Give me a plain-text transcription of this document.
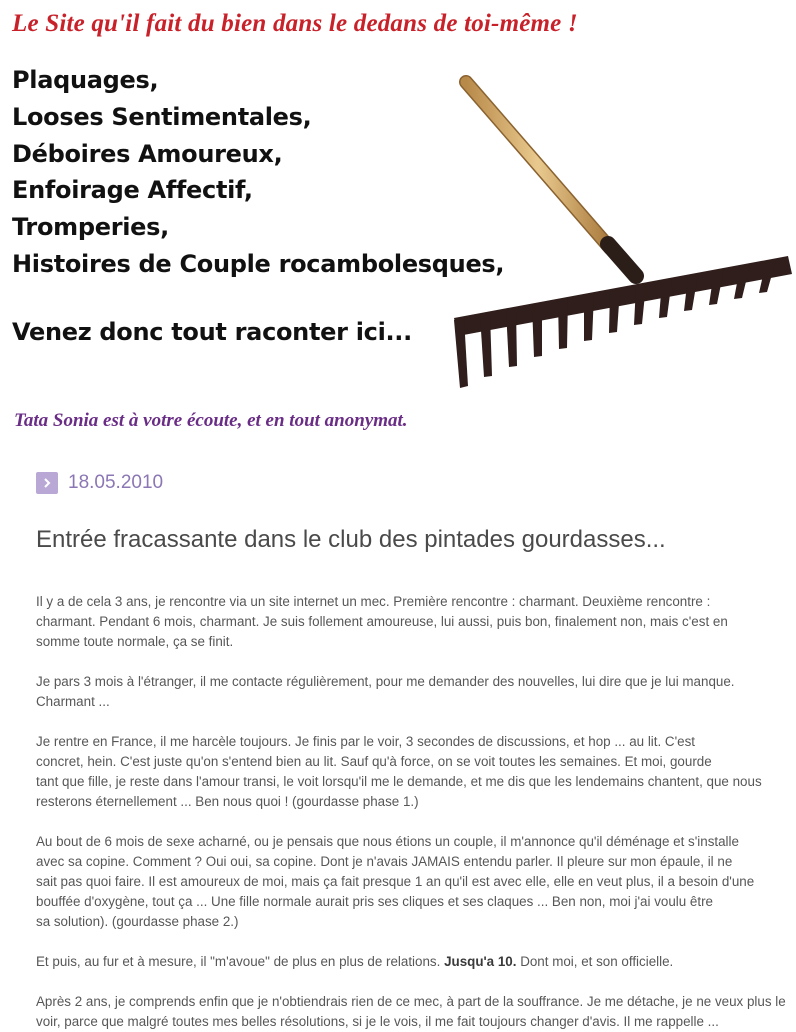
Le Site qu'il fait du bien dans le dedans de toi-même !
Plaquages,
Looses Sentimentales,
Déboires Amoureux,
Enfoirage Affectif,
Tromperies,
Histoires de Couple rocambolesques,
Venez donc tout raconter ici...
Tata Sonia est à votre écoute, et en tout anonymat.
18.05.2010
Entrée fracassante dans le club des pintades gourdasses...

Il y a de cela 3 ans, je rencontre via un site internet un mec. Première rencontre : charmant. Deuxième rencontre :
charmant. Pendant 6 mois, charmant. Je suis follement amoureuse, lui aussi, puis bon, finalement non, mais c'est en
somme toute normale, ça se finit.

Je pars 3 mois à l'étranger, il me contacte régulièrement, pour me demander des nouvelles, lui dire que je lui manque.
Charmant ...

Je rentre en France, il me harcèle toujours. Je finis par le voir, 3 secondes de discussions, et hop ... au lit. C'est
concret, hein. C'est juste qu'on s'entend bien au lit. Sauf qu'à force, on se voit toutes les semaines. Et moi, gourde
tant que fille, je reste dans l'amour transi, le voit lorsqu'il me le demande, et me dis que les lendemains chantent, que nous
resterons éternellement ... Ben nous quoi ! (gourdasse phase 1.)

Au bout de 6 mois de sexe acharné, ou je pensais que nous étions un couple, il m'annonce qu'il déménage et s'installe
avec sa copine. Comment ? Oui oui, sa copine. Dont je n'avais JAMAIS entendu parler. Il pleure sur mon épaule, il ne
sait pas quoi faire. Il est amoureux de moi, mais ça fait presque 1 an qu'il est avec elle, elle en veut plus, il a besoin d'une
bouffée d'oxygène, tout ça ... Une fille normale aurait pris ses cliques et ses claques ... Ben non, moi j'ai voulu être
sa solution). (gourdasse phase 2.)

Et puis, au fur et à mesure, il "m'avoue" de plus en plus de relations. Jusqu'a 10. Dont moi, et son officielle.

Après 2 ans, je comprends enfin que je n'obtiendrais rien de ce mec, à part de la souffrance. Je me détache, je ne veux plus le
voir, parce que malgré toutes mes belles résolutions, si je le vois, il me fait toujours changer d'avis. Il me rappelle ...
